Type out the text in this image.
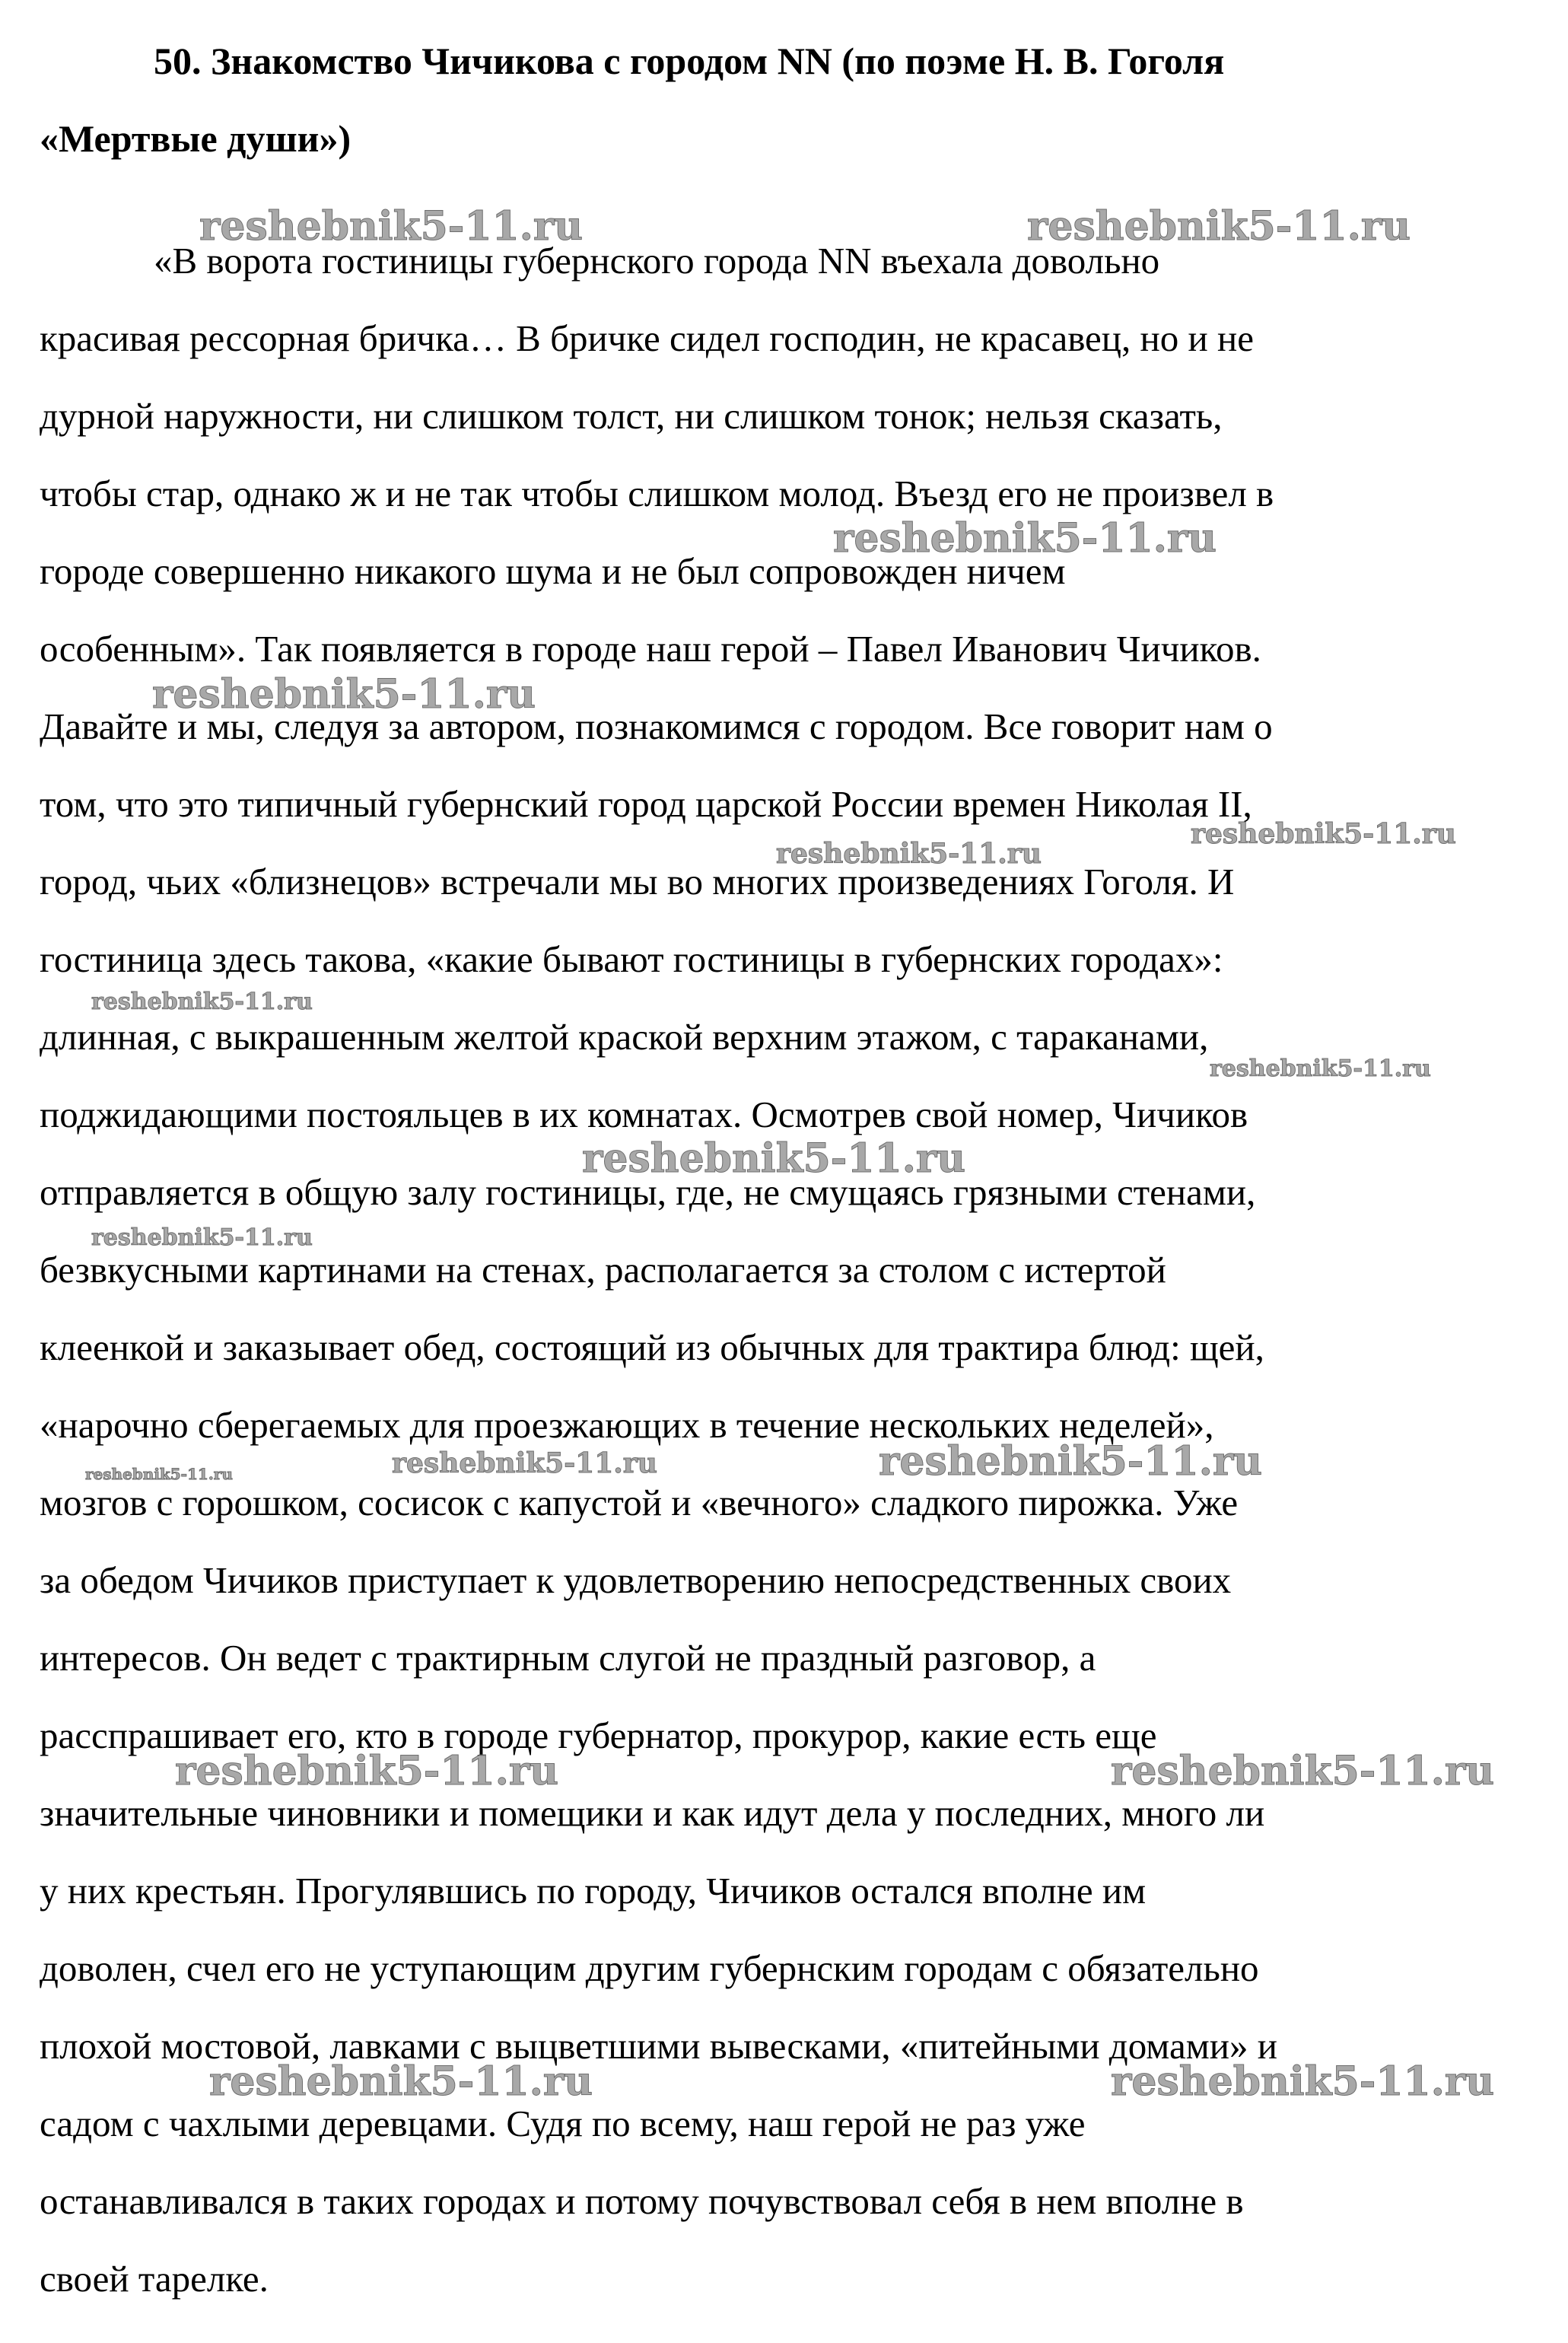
50. Знакомство Чичикова с городом NN (по поэме Н. В. Гоголя
«Мертвые души»)
«В ворота гостиницы губернского города NN въехала довольно
красивая рессорная бричка… В бричке сидел господин, не красавец, но и не
дурной наружности, ни слишком толст, ни слишком тонок; нельзя сказать,
чтобы стар, однако ж и не так чтобы слишком молод. Въезд его не произвел в
городе совершенно никакого шума и не был сопровожден ничем
особенным». Так появляется в городе наш герой – Павел Иванович Чичиков.
Давайте и мы, следуя за автором, познакомимся с городом. Все говорит нам о
том, что это типичный губернский город царской России времен Николая II,
город, чьих «близнецов» встречали мы во многих произведениях Гоголя. И
гостиница здесь такова, «какие бывают гостиницы в губернских городах»:
длинная, с выкрашенным желтой краской верхним этажом, с тараканами,
поджидающими постояльцев в их комнатах. Осмотрев свой номер, Чичиков
отправляется в общую залу гостиницы, где, не смущаясь грязными стенами,
безвкусными картинами на стенах, располагается за столом с истертой
клеенкой и заказывает обед, состоящий из обычных для трактира блюд: щей,
«нарочно сберегаемых для проезжающих в течение нескольких неделей»,
мозгов с горошком, сосисок с капустой и «вечного» сладкого пирожка. Уже
за обедом Чичиков приступает к удовлетворению непосредственных своих
интересов. Он ведет с трактирным слугой не праздный разговор, а
расспрашивает его, кто в городе губернатор, прокурор, какие есть еще
значительные чиновники и помещики и как идут дела у последних, много ли
у них крестьян. Прогулявшись по городу, Чичиков остался вполне им
доволен, счел его не уступающим другим губернским городам с обязательно
плохой мостовой, лавками с выцветшими вывесками, «питейными домами» и
садом с чахлыми деревцами. Судя по всему, наш герой не раз уже
останавливался в таких городах и потому почувствовал себя в нем вполне в
своей тарелке.
reshebnik5-11.ru	reshebnik5-11.ru
reshebnik5-11.ru
reshebnik5-11.ru
reshebnik5-11.ru
reshebnik5-11.ru
reshebnik5-11.ru
reshebnik5-11.ru
reshebnik5-11.ru
reshebnik5-11.ru
reshebnik5-11.ru	reshebnik5-11.ru	reshebnik5-11.ru
reshebnik5-11.ru	reshebnik5-11.ru
reshebnik5-11.ru	reshebnik5-11.ru
